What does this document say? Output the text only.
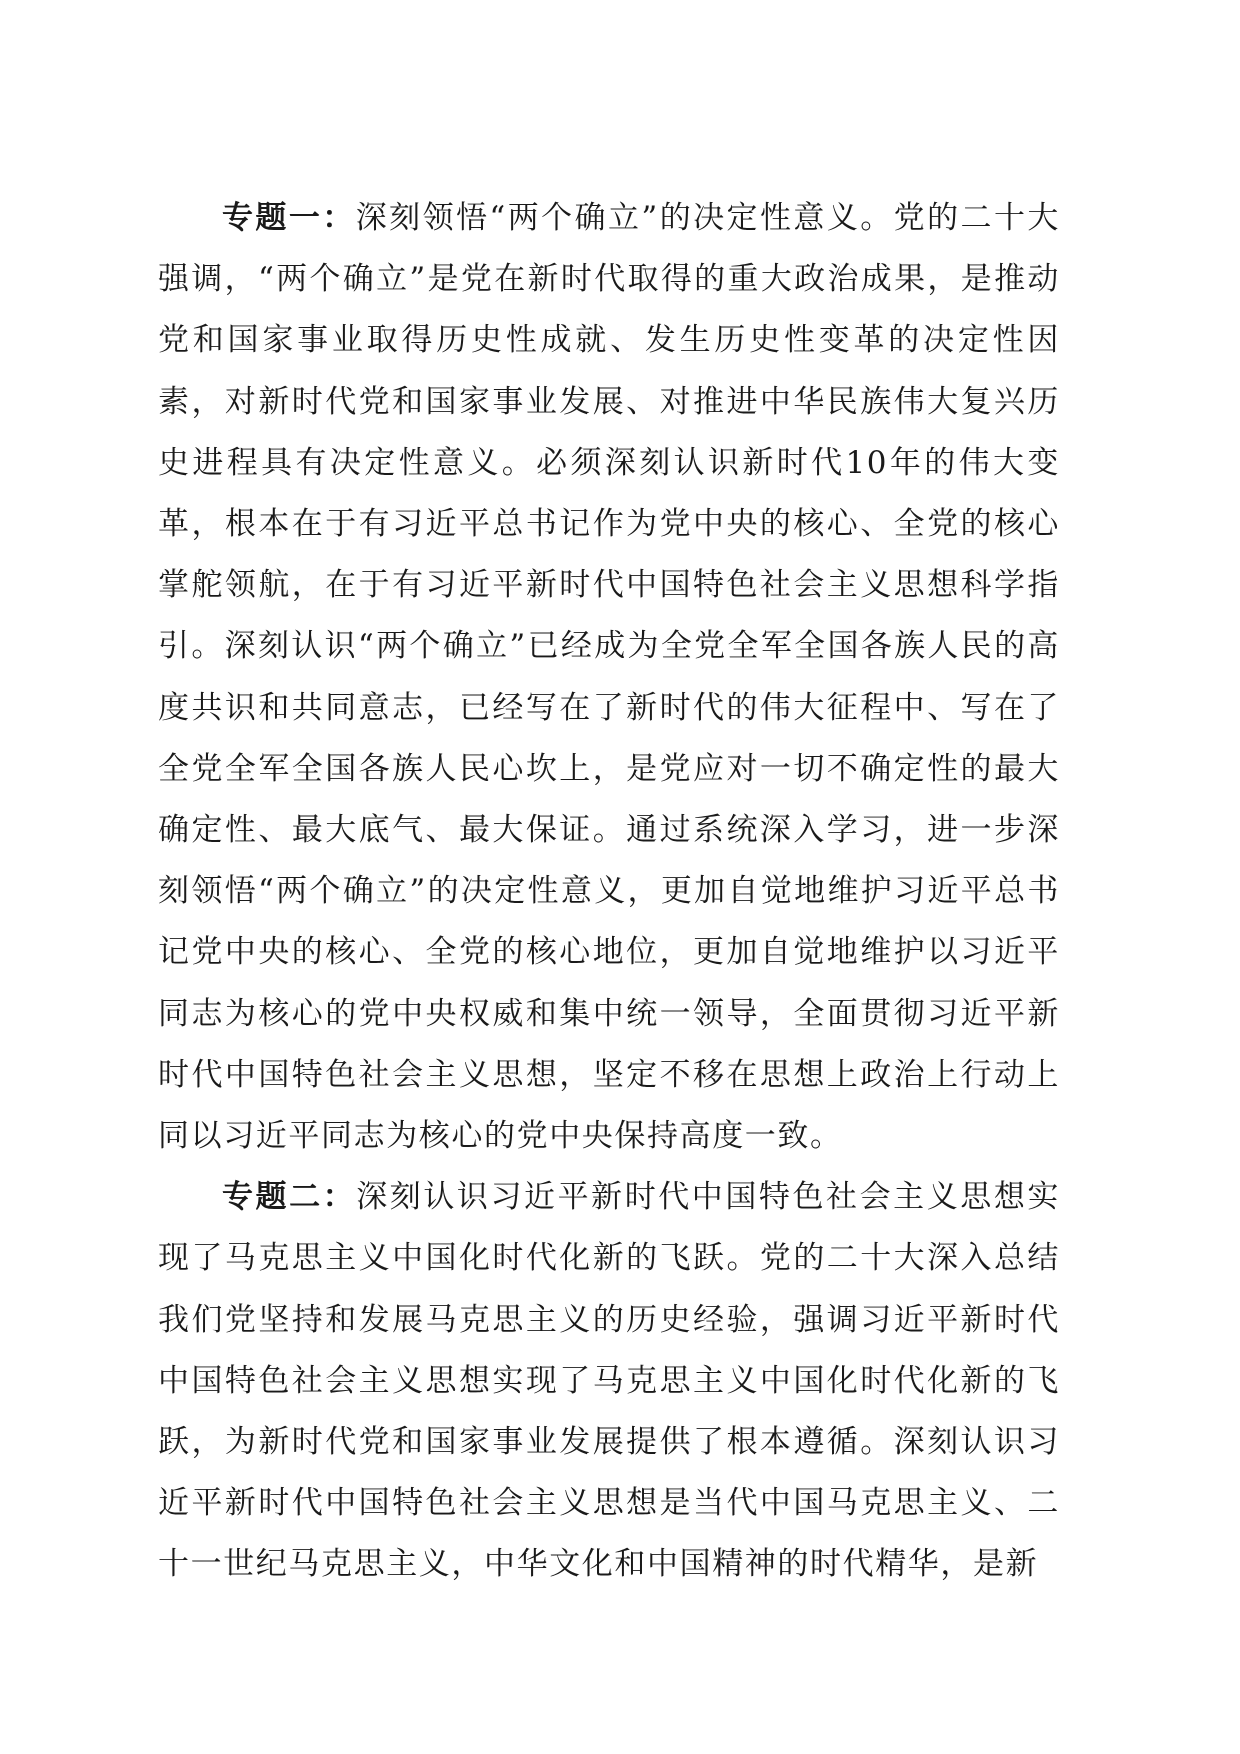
专题一：深刻领悟“两个确立”的决定性意义。党的二十大强调，“两个确立”是党在新时代取得的重大政治成果，是推动党和国家事业取得历史性成就、发生历史性变革的决定性因素，对新时代党和国家事业发展、对推进中华民族伟大复兴历史进程具有决定性意义。必须深刻认识新时代10年的伟大变革，根本在于有习近平总书记作为党中央的核心、全党的核心掌舵领航，在于有习近平新时代中国特色社会主义思想科学指引。深刻认识“两个确立”已经成为全党全军全国各族人民的高度共识和共同意志，已经写在了新时代的伟大征程中、写在了全党全军全国各族人民心坎上，是党应对一切不确定性的最大确定性、最大底气、最大保证。通过系统深入学习，进一步深刻领悟“两个确立”的决定性意义，更加自觉地维护习近平总书记党中央的核心、全党的核心地位，更加自觉地维护以习近平同志为核心的党中央权威和集中统一领导，全面贯彻习近平新时代中国特色社会主义思想，坚定不移在思想上政治上行动上同以习近平同志为核心的党中央保持高度一致。

专题二：深刻认识习近平新时代中国特色社会主义思想实现了马克思主义中国化时代化新的飞跃。党的二十大深入总结我们党坚持和发展马克思主义的历史经验，强调习近平新时代中国特色社会主义思想实现了马克思主义中国化时代化新的飞跃，为新时代党和国家事业发展提供了根本遵循。深刻认识习近平新时代中国特色社会主义思想是当代中国马克思主义、二十一世纪马克思主义，中华文化和中国精神的时代精华，是新
